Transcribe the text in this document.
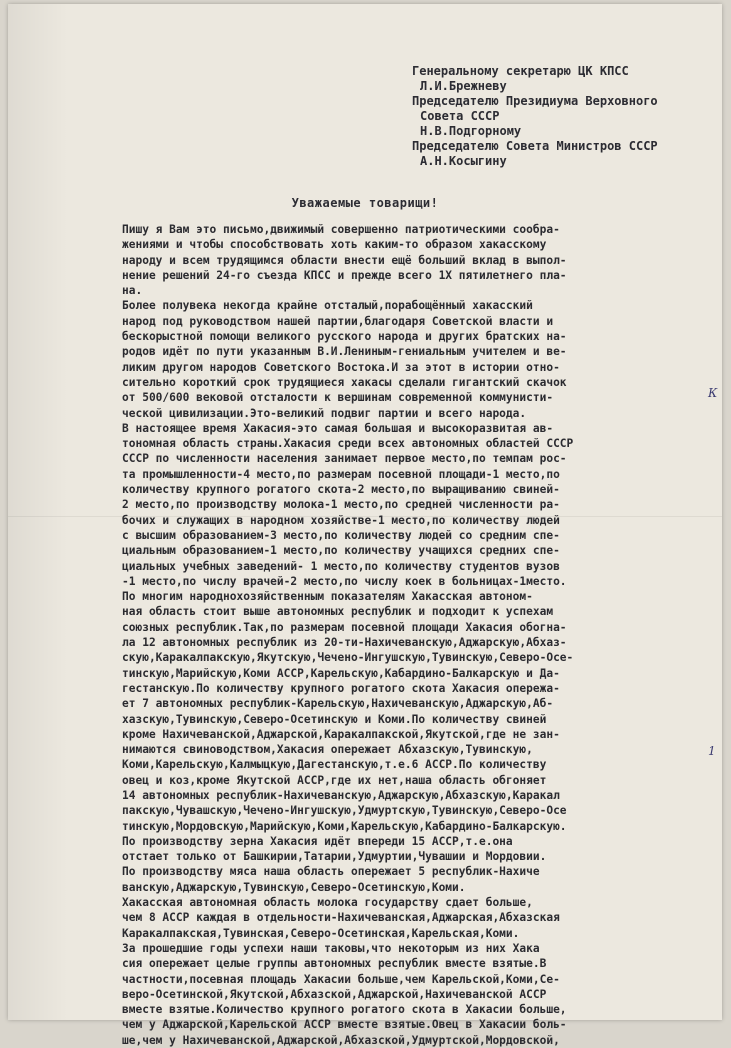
Генеральному секретарю ЦК КПСС
Л.И.Брежневу
Председателю Президиума Верховного
Совета СССР
Н.В.Подгорному
Председателю Совета Министров СССР
А.Н.Косыгину
Уважаемые товарищи!
Пишу я Вам это письмо,движимый совершенно патриотическими сообра-
жениями и чтобы способствовать хоть каким-то образом хакасскому
народу и всем трудящимся области внести ещё больший вклад в выпол-
нение решений 24-го съезда КПСС и прежде всего 1Х пятилетнего пла-
на.
Более полувека некогда крайне отсталый,порабощённый хакасский
народ под руководством нашей партии,благодаря Советской власти и
бескорыстной помощи великого русского народа и других братских на-
родов идёт по пути указанным В.И.Лениным-гениальным учителем и ве-
ликим другом народов Советского Востока.И за этот в истории отно-
сительно короткий срок трудящиеся хакасы сделали гигантский скачок
от 500/600 вековой отсталости к вершинам современной коммунисти-
ческой цивилизации.Это-великий подвиг партии и всего народа.
В настоящее время Хакасия-это самая большая и высокоразвитая ав-
тономная область страны.Хакасия среди всех автономных областей СССР
СССР по численности населения занимает первое место,по темпам рос-
та промышленности-4 место,по размерам посевной площади-1 место,по
количеству крупного рогатого скота-2 место,по выращиванию свиней-
2 место,по производству молока-1 место,по средней численности ра-
бочих и служащих в народном хозяйстве-1 место,по количеству людей
с высшим образованием-3 место,по количеству людей со средним спе-
циальным образованием-1 место,по количеству учащихся средних спе-
циальных учебных заведений- 1 место,по количеству студентов вузов
-1 место,по числу врачей-2 место,по числу коек в больницах-1место.
По многим народнохозяйственным показателям Хакасская автоном-
ная область стоит выше автономных республик и подходит к успехам
союзных республик.Так,по размерам посевной площади Хакасия обогна-
ла 12 автономных республик из 20-ти-Нахичеванскую,Аджарскую,Абхаз-
скую,Каракалпакскую,Якутскую,Чечено-Ингушскую,Тувинскую,Северо-Осе-
тинскую,Марийскую,Коми АССР,Карельскую,Кабардино-Балкарскую и Да-
гестанскую.По количеству крупного рогатого скота Хакасия опережа-
ет 7 автономных республик-Карельскую,Нахичеванскую,Аджарскую,Аб-
хазскую,Тувинскую,Северо-Осетинскую и Коми.По количеству свиней
кроме Нахичеванской,Аджарской,Каракалпакской,Якутской,где не зан-
нимаются свиноводством,Хакасия опережает Абхазскую,Тувинскую,
Коми,Карельскую,Калмыцкую,Дагестанскую,т.е.6 АССР.По количеству
овец и коз,кроме Якутской АССР,где их нет,наша область обгоняет
14 автономных республик-Нахичеванскую,Аджарскую,Абхазскую,Каракал
пакскую,Чувашскую,Чечено-Ингушскую,Удмуртскую,Тувинскую,Северо-Осе
тинскую,Мордовскую,Марийскую,Коми,Карельскую,Кабардино-Балкарскую.
По производству зерна Хакасия идёт впереди 15 АССР,т.е.она
отстает только от Башкирии,Татарии,Удмуртии,Чувашии и Мордовии.
По производству мяса наша область опережает 5 республик-Нахичe
ванскую,Аджарскую,Тувинскую,Северо-Осетинскую,Коми.
Хакасская автономная область молока государству сдает больше,
чем 8 АССР каждая в отдельности-Нахичеванская,Аджарская,Абхазская
Каракалпакская,Тувинская,Северо-Осетинская,Карельская,Коми.
За прошедшие годы успехи наши таковы,что некоторым из них Хака
сия опережает целые группы автономных республик вместе взятые.В
частности,посевная площадь Хакасии больше,чем Карельской,Коми,Се-
веро-Осетинской,Якутской,Абхазской,Аджарской,Нахичеванской АССР
вместе взятые.Количество крупного рогатого скота в Хакасии больше,
чем у Аджарской,Карельской АССР вместе взятые.Овец в Хакасии боль-
ше,чем у Нахичеванской,Аджарской,Абхазской,Удмуртской,Мордовской,
К
1
